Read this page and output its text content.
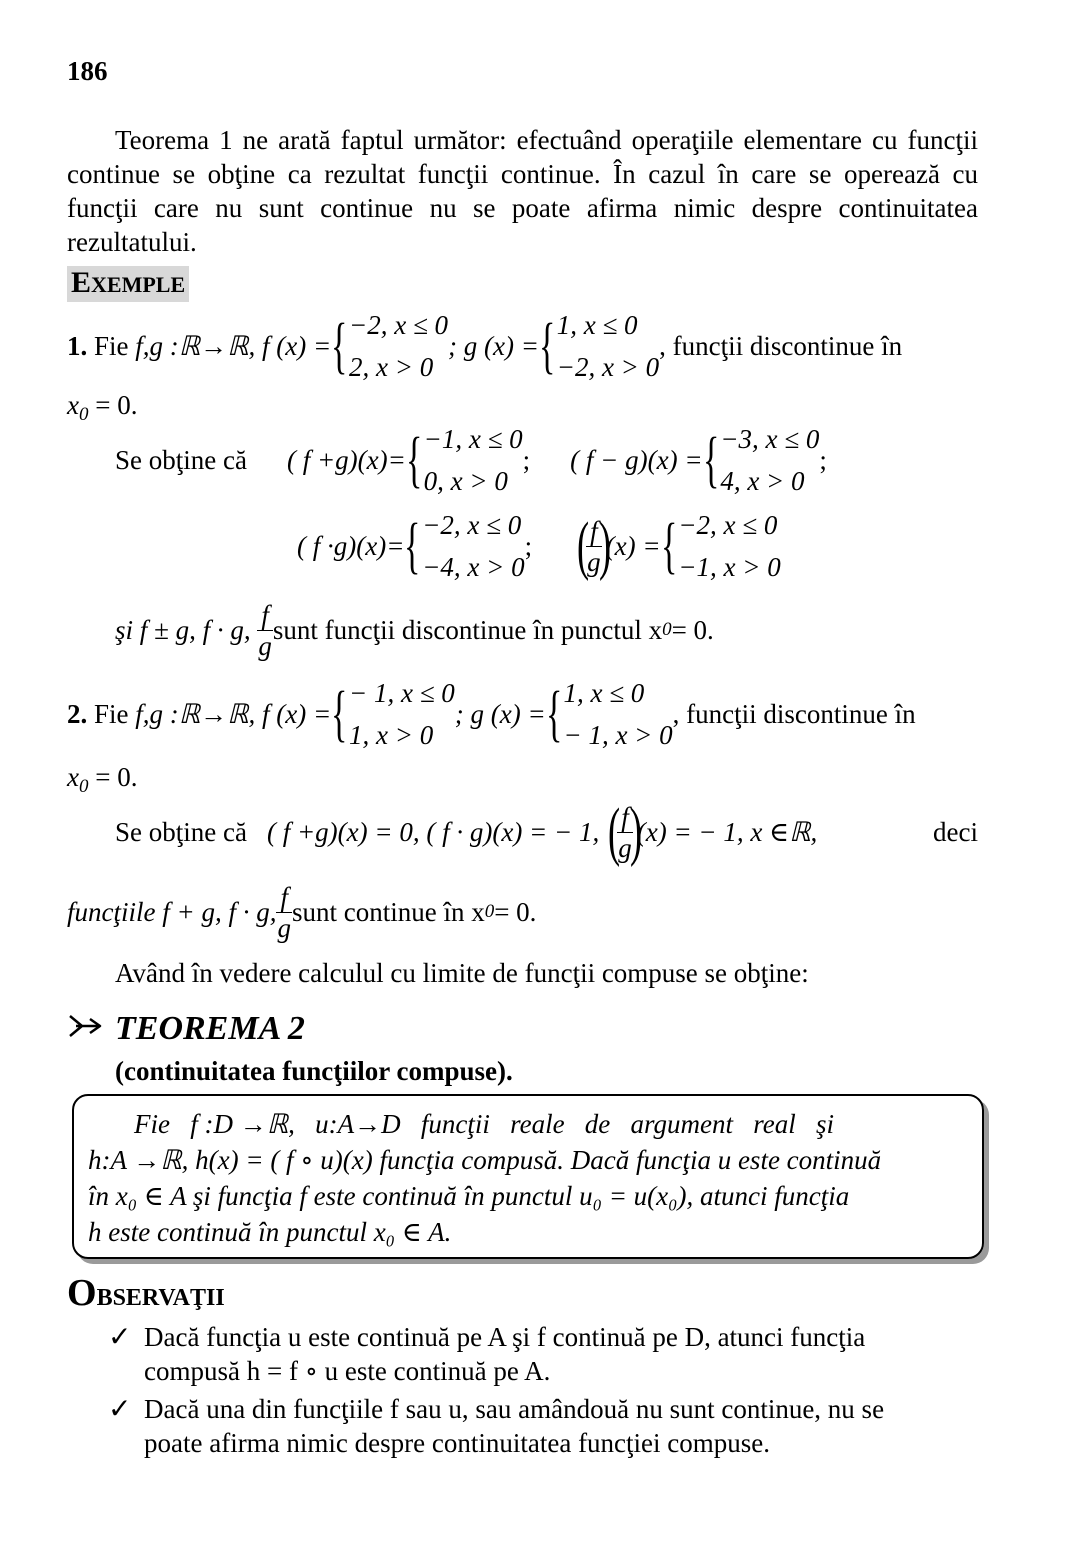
186
Teorema 1 ne arată faptul următor: efectuând operaţiile elementare cu funcţii continue se obţine ca rezultat funcţii continue. În cazul în care se operează cu funcţii care nu sunt continue nu se poate afirma nimic despre continuitatea rezultatului.
EXEMPLE
1.
Fie
f,g :ℝ→ℝ, f (x) = { −2, x ≤ 0
2, x > 0
; g (x) = { 1, x ≤ 0
−2, x > 0
, funcţii discontinue în
$x_0 = 0$.
Se obţine că ( f +g)(x)= { −1, x ≤ 0
0, x > 0
; ( f − g)(x) = { −3, x ≤ 0
4, x > 0
;
( f ·g)(x)= { −2, x ≤ 0
−4, x > 0
; (
$\frac{f}{g}$
)
(x) = { −2, x ≤ 0
−1, x > 0
şi f ± g, f · g,
$\frac{f}{g}$ sunt funcţii discontinue în punctul x 0 = 0.
2.
Fie
f,g :ℝ→ℝ, f (x) = { − 1, x ≤ 0
1, x > 0
; g (x) = { 1, x ≤ 0
− 1, x > 0
, funcţii discontinue în
$x_0 = 0$.
Se obţine că ( f +g)(x) = 0, ( f · g)(x) = − 1, (
$\frac{f}{g}$
)
(x) = − 1, x ∈ℝ,	deci
funcţiile f + g, f · g, $\frac{f}{g}$ sunt continue în x 0 = 0.
Având în vedere calculul cu limite de funcţii compuse se obţine:
TEOREMA 2
(continuitatea funcţiilor compuse).
Fie   f :D →ℝ,   u:A→D   funcţii   reale   de   argument   real   şi
h:A →ℝ, h(x) = ( f ∘ u)(x) funcţia compusă. Dacă funcţia u este continuă
în x₀ ∈ A şi funcţia f este continuă în punctul u₀ = u(x₀), atunci funcţia
h este continuă în punctul x₀ ∈ A.
OBSERVAŢII
✓ Dacă funcţia u este continuă pe A şi f continuă pe D, atunci funcţia
compusă h = f ∘ u este continuă pe A.
✓ Dacă una din funcţiile f sau u, sau amândouă nu sunt continue, nu se
poate afirma nimic despre continuitatea funcţiei compuse.
